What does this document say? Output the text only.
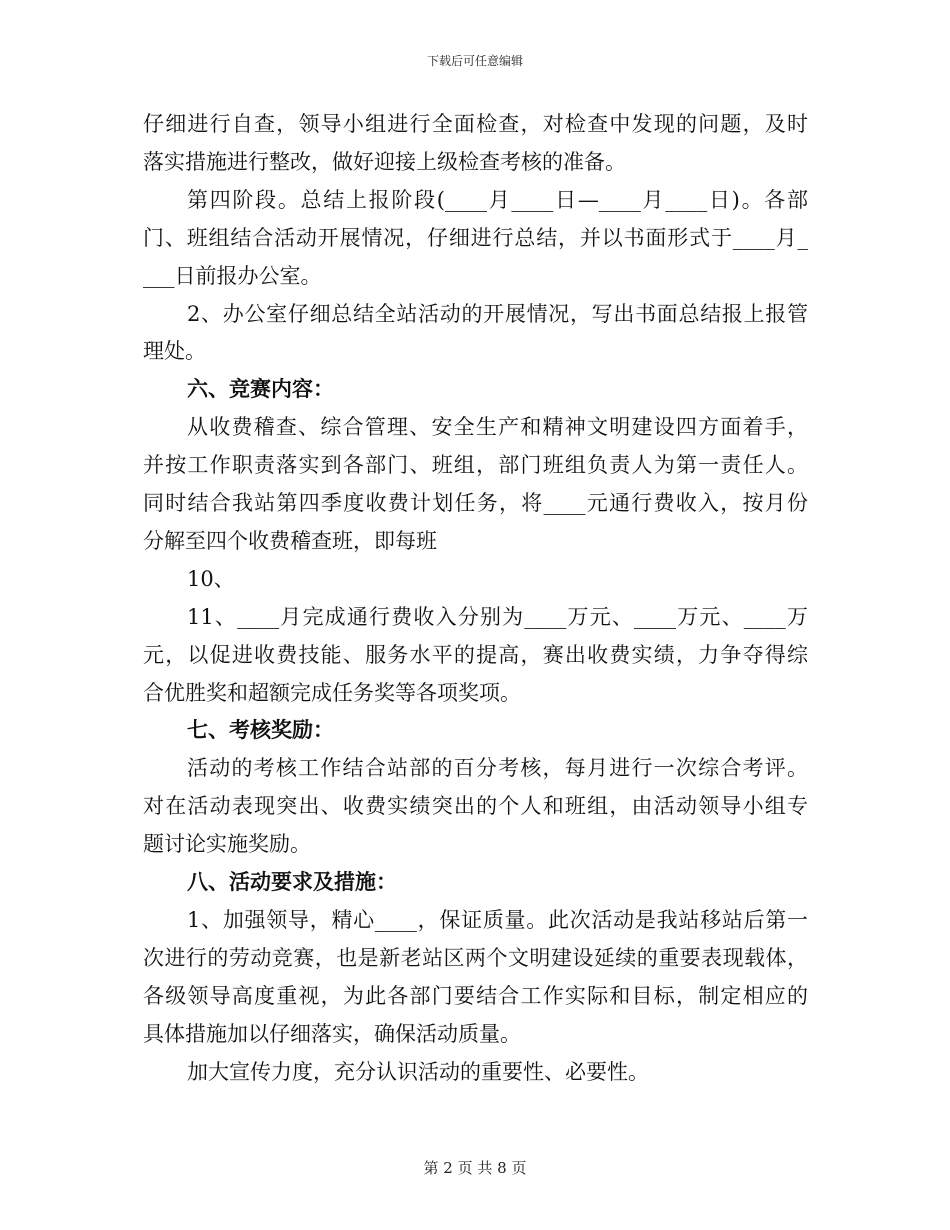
下载后可任意编辑
仔细进行自查，领导小组进行全面检查，对检查中发现的问题，及时
落实措施进行整改，做好迎接上级检查考核的准备。
第四阶段。总结上报阶段(____月____日—____月____日)。各部
门、班组结合活动开展情况，仔细进行总结，并以书面形式于____月_
___日前报办公室。
2、办公室仔细总结全站活动的开展情况，写出书面总结报上报管
理处。
六、竞赛内容：
从收费稽查、综合管理、安全生产和精神文明建设四方面着手，
并按工作职责落实到各部门、班组，部门班组负责人为第一责任人。
同时结合我站第四季度收费计划任务，将____元通行费收入，按月份
分解至四个收费稽查班，即每班
10、
11、____月完成通行费收入分别为____万元、____万元、____万
元，以促进收费技能、服务水平的提高，赛出收费实绩，力争夺得综
合优胜奖和超额完成任务奖等各项奖项。
七、考核奖励：
活动的考核工作结合站部的百分考核，每月进行一次综合考评。
对在活动表现突出、收费实绩突出的个人和班组，由活动领导小组专
题讨论实施奖励。
八、活动要求及措施：
1、加强领导，精心____，保证质量。此次活动是我站移站后第一
次进行的劳动竞赛，也是新老站区两个文明建设延续的重要表现载体，
各级领导高度重视，为此各部门要结合工作实际和目标，制定相应的
具体措施加以仔细落实，确保活动质量。
加大宣传力度，充分认识活动的重要性、必要性。
第 2 页 共 8 页
